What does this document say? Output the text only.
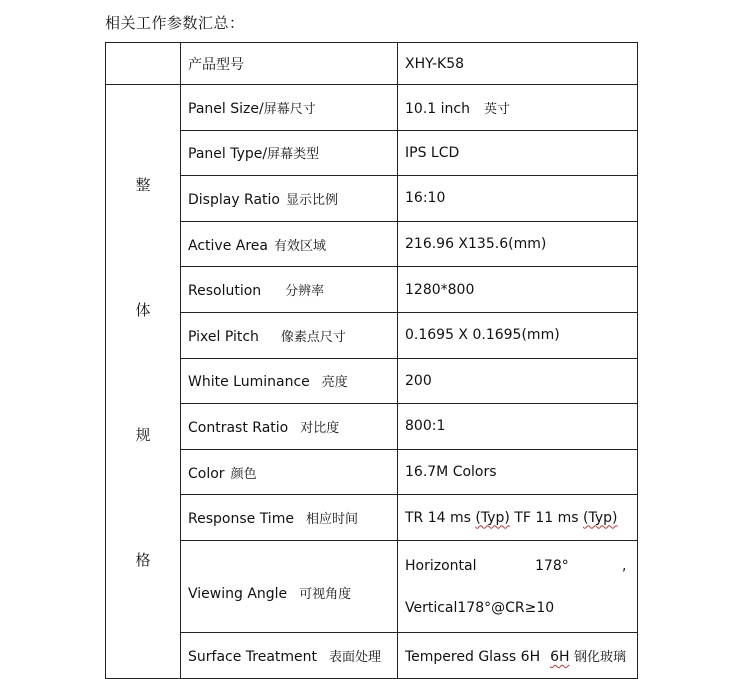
相关工作参数汇总：
	产品型号	XHY-K58

整
体
规
格	Panel Size/屏幕尺寸	10.1 inch 英寸
	Panel Type/屏幕类型	IPS LCD
	Display Ratio 显示比例	16:10
	Active Area 有效区域	216.96 X135.6(mm)
	Resolution 分辨率	1280*800
	Pixel Pitch 像素点尺寸	0.1695 X 0.1695(mm)
	White Luminance 亮度	200
	Contrast Ratio 对比度	800:1
	Color 颜色	16.7M Colors
	Response Time 相应时间	TR 14 ms (Typ) TF 11 ms (Typ)
	Viewing Angle 可视角度	Horizontal 178° ,
Vertical178°@CR≥10

	Surface Treatment 表面处理	Tempered Glass 6H 6H 钢化玻璃
